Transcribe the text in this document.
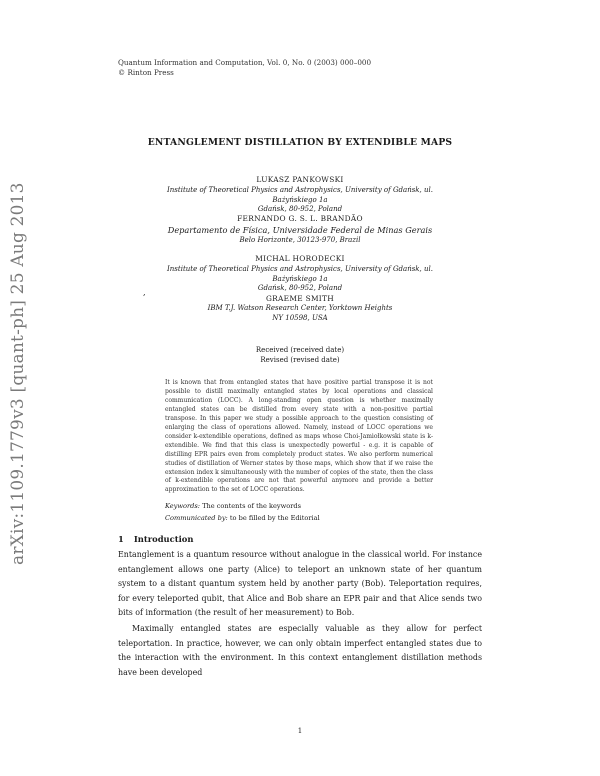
Quantum Information and Computation, Vol. 0, No. 0 (2003) 000–000
© Rinton Press
arXiv:1109.1779v3 [quant-ph] 25 Aug 2013
ENTANGLEMENT DISTILLATION BY EXTENDIBLE MAPS
LUKASZ PANKOWSKI
Institute of Theoretical Physics and Astrophysics, University of Gdańsk, ul. Bażyńskiego 1a
Gdańsk, 80-952, Poland
FERNANDO G. S. L. BRANDÃO
Departamento de Física, Universidade Federal de Minas Gerais
Belo Horizonte, 30123-970, Brazil
MICHAL HORODECKI
Institute of Theoretical Physics and Astrophysics, University of Gdańsk, ul. Bażyńskiego 1a
Gdańsk, 80-952, Poland
GRAEME SMITH
IBM T.J. Watson Research Center, Yorktown Heights
NY 10598, USA
,
Received (received date)
Revised (revised date)
It is known that from entangled states that have positive partial transpose it is not possible to distill maximally entangled states by local operations and classical communication (LOCC). A long-standing open question is whether maximally entangled states can be distilled from every state with a non-positive partial transpose. In this paper we study a possible approach to the question consisting of enlarging the class of operations allowed. Namely, instead of LOCC operations we consider k-extendible operations, defined as maps whose Choi-Jamiołkowski state is k-extendible. We find that this class is unexpectedly powerful - e.g. it is capable of distilling EPR pairs even from completely product states. We also perform numerical studies of distillation of Werner states by those maps, which show that if we raise the extension index k simultaneously with the number of copies of the state, then the class of k-extendible operations are not that powerful anymore and provide a better approximation to the set of LOCC operations.
Keywords: The contents of the keywords
Communicated by: to be filled by the Editorial
1 Introduction
Entanglement is a quantum resource without analogue in the classical world. For instance entanglement allows one party (Alice) to teleport an unknown state of her quantum system to a distant quantum system held by another party (Bob). Teleportation requires, for every teleported qubit, that Alice and Bob share an EPR pair and that Alice sends two bits of information (the result of her measurement) to Bob.
Maximally entangled states are especially valuable as they allow for perfect teleportation. In practice, however, we can only obtain imperfect entangled states due to the interaction with the environment. In this context entanglement distillation methods have been developed
1
